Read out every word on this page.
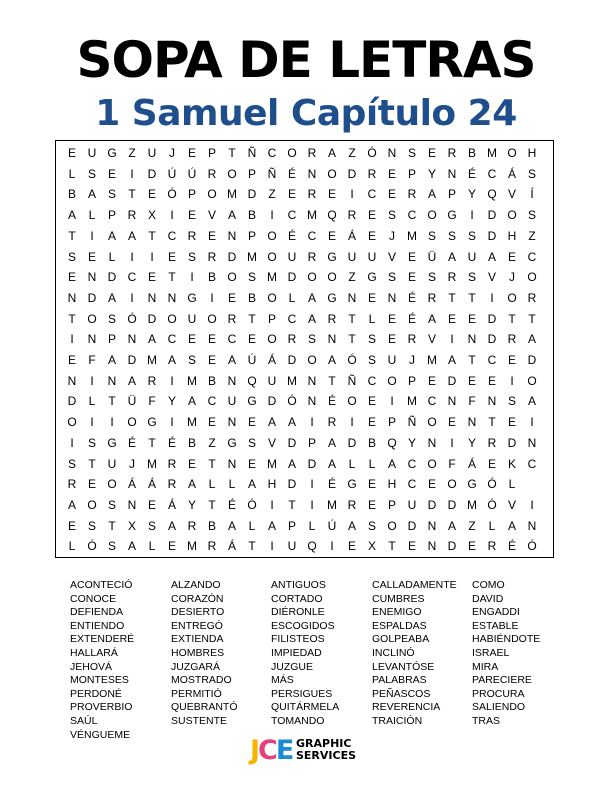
SOPA DE LETRAS
1 Samuel Capítulo 24
E U G Z U	J	E P	T Ñ C O R A	Z Ó N S E R B M O H
L	S E	I	D Ú Ú R O P Ñ É N O D R E P Y N É C Á S
B A S	T	E Ó P O M D	Z	E R E	I	C E R A P Y Q V	Í
A	L	P R X	I	E V A B	I	C M Q R E S C O G	I	D O S
T	I	A A	T C R E N P O É C E Á E	J	M S S S D H	Z
S E	L	I	I	E S R D M O U R G U U V E Ü A U A E C
E N D C E	T	I	B O S M D O O Z G S E S R S V	J	O
N D A	I	N N G	I	E B O L	A G N E N É R	T	T	I	O R
T O S Ó D O U O R	T	P C A R	T	L	E É A E E D	T	T
I	N P N A C E E C E O R S N	T	S E R V	I	N D R A
E	F	A D M A S E A Ú Á D O A Ó S U	J	M A	T C E D
N	I	N A R	I	M B N Q U M N	T Ñ C O P E D E E	I	O
D	L	T Ü	F	Y A C U G D Ó N É O E	I	M C N	F N S A
O	I	I	O G	I	M E N E A A	I	R	I	E P Ñ O E N	T	E	I
I	S G É	T	É B	Z G S V D P A D B Q Y N	I	Y R D N
S	T U	J	M R E	T N E M A D A	L	L	A C O F	Á E K C
R E O Á Á R A	L	L	A H D	I	É G E H C E O G Ó L
A O S N E Á Y	T	É Ó	I	T	I	M R E P U D D M Ó V	I
E S	T	X S A R B A	L	A P	L	Ú A S O D N A	Z	L	A N
L Ó S A	L	E M R Á	T	I	U Q	I	E X	T	E N D E R É Ó
ACONTECIÓ
CONOCE
DEFIENDA
ENTIENDO
EXTENDERÉ
HALLARÁ
JEHOVÁ
MONTESES
PERDONÉ
PROVERBIO
SAÚL
VÉNGUEME
ALZANDO
CORAZÓN
DESIERTO
ENTREGÓ
EXTIENDA
HOMBRES
JUZGARÁ
MOSTRADO
PERMITIÓ
QUEBRANTÓ
SUSTENTE
ANTIGUOS
CORTADO
DIÉRONLE
ESCOGIDOS
FILISTEOS
IMPIEDAD
JUZGUE
MÁS
PERSIGUES
QUITÁRMELA
TOMANDO
CALLADAMENTE
CUMBRES
ENEMIGO
ESPALDAS
GOLPEABA
INCLINÓ
LEVANTÓSE
PALABRAS
PEÑASCOS
REVERENCIA
TRAICIÓN
COMO
DAVID
ENGADDI
ESTABLE
HABIÉNDOTE
ISRAEL
MIRA
PARECIERE
PROCURA
SALIENDO
TRAS
JCE GRAPHIC
SERVICES
